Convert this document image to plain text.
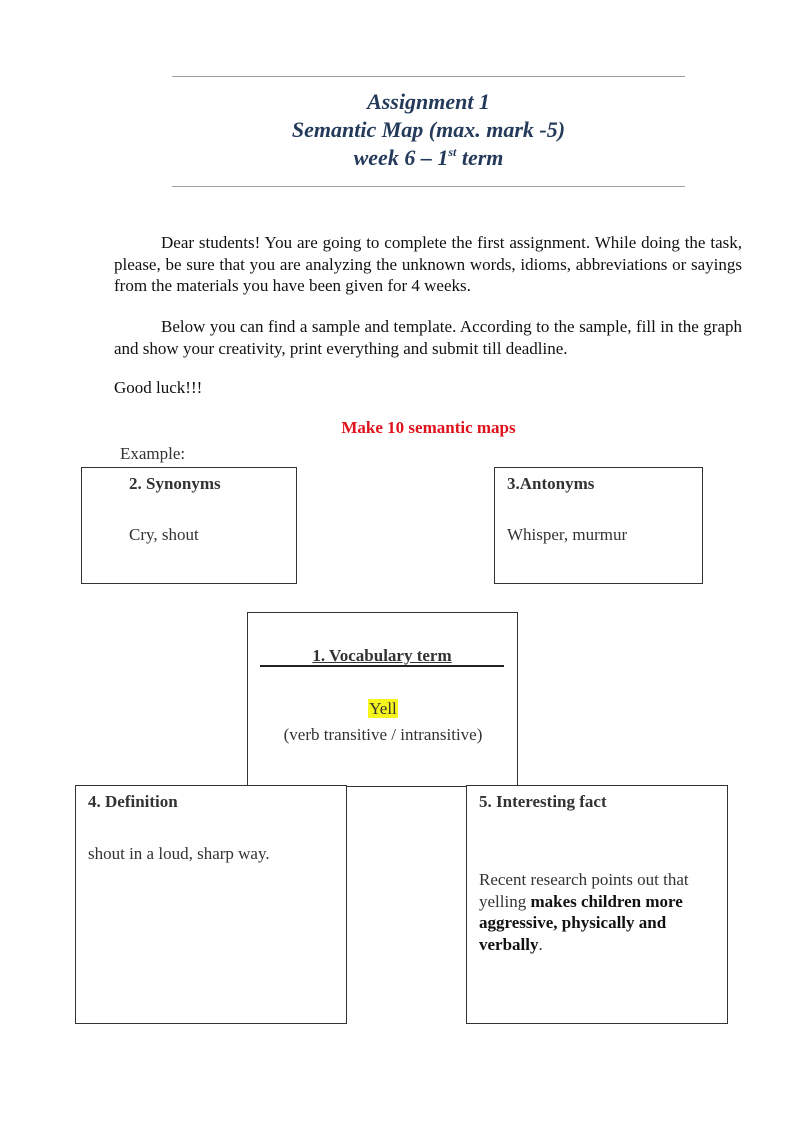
Assignment 1
Semantic Map (max. mark -5)
week 6 – 1st term

Dear students! You are going to complete the first assignment. While doing the task, please, be sure that you are analyzing the unknown words, idioms, abbreviations or sayings from the materials you have been given for 4 weeks.

Below you can find a sample and template. According to the sample, fill in the graph and show your creativity, print everything and submit till deadline.

Good luck!!!
Make 10 semantic maps
Example:
2. Synonyms
Cry, shout
3.Antonyms
Whisper, murmur
1. Vocabulary term
Yell
(verb transitive / intransitive)
4. Definition
shout in a loud, sharp way.
5. Interesting fact
Recent research points out that yelling makes children more aggressive, physically and verbally.
